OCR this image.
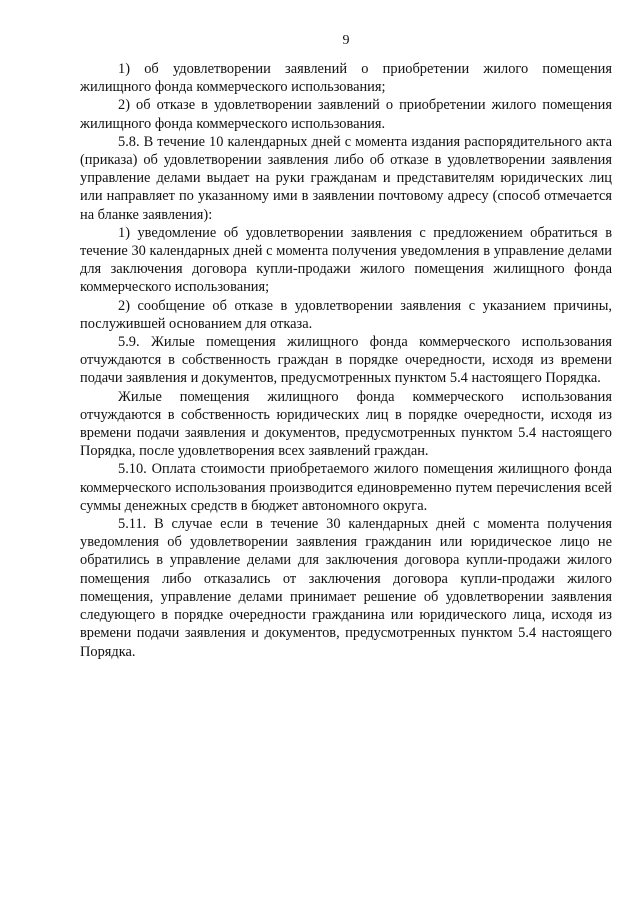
9

1) об удовлетворении заявлений о приобретении жилого помещения жилищного фонда коммерческого использования;

2) об отказе в удовлетворении заявлений о приобретении жилого помещения жилищного фонда коммерческого использования.

5.8. В течение 10 календарных дней с момента издания распорядительного акта (приказа) об удовлетворении заявления либо об отказе в удовлетворении заявления управление делами выдает на руки гражданам и представителям юридических лиц или направляет по указанному ими в заявлении почтовому адресу (способ отмечается на бланке заявления):

1) уведомление об удовлетворении заявления с предложением обратиться в течение 30 календарных дней с момента получения уведомления в управление делами для заключения договора купли-продажи жилого помещения жилищного фонда коммерческого использования;

2) сообщение об отказе в удовлетворении заявления с указанием причины, послужившей основанием для отказа.

5.9. Жилые помещения жилищного фонда коммерческого использования отчуждаются в собственность граждан в порядке очередности, исходя из времени подачи заявления и документов, предусмотренных пунктом 5.4 настоящего Порядка.

Жилые помещения жилищного фонда коммерческого использования отчуждаются в собственность юридических лиц в порядке очередности, исходя из времени подачи заявления и документов, предусмотренных пунктом 5.4 настоящего Порядка, после удовлетворения всех заявлений граждан.

5.10. Оплата стоимости приобретаемого жилого помещения жилищного фонда коммерческого использования производится единовременно путем перечисления всей суммы денежных средств в бюджет автономного округа.

5.11. В случае если в течение 30 календарных дней с момента получения уведомления об удовлетворении заявления гражданин или юридическое лицо не обратились в управление делами для заключения договора купли-продажи жилого помещения либо отказались от заключения договора купли-продажи жилого помещения, управление делами принимает решение об удовлетворении заявления следующего в порядке очередности гражданина или юридического лица, исходя из времени подачи заявления и документов, предусмотренных пунктом 5.4 настоящего Порядка.
